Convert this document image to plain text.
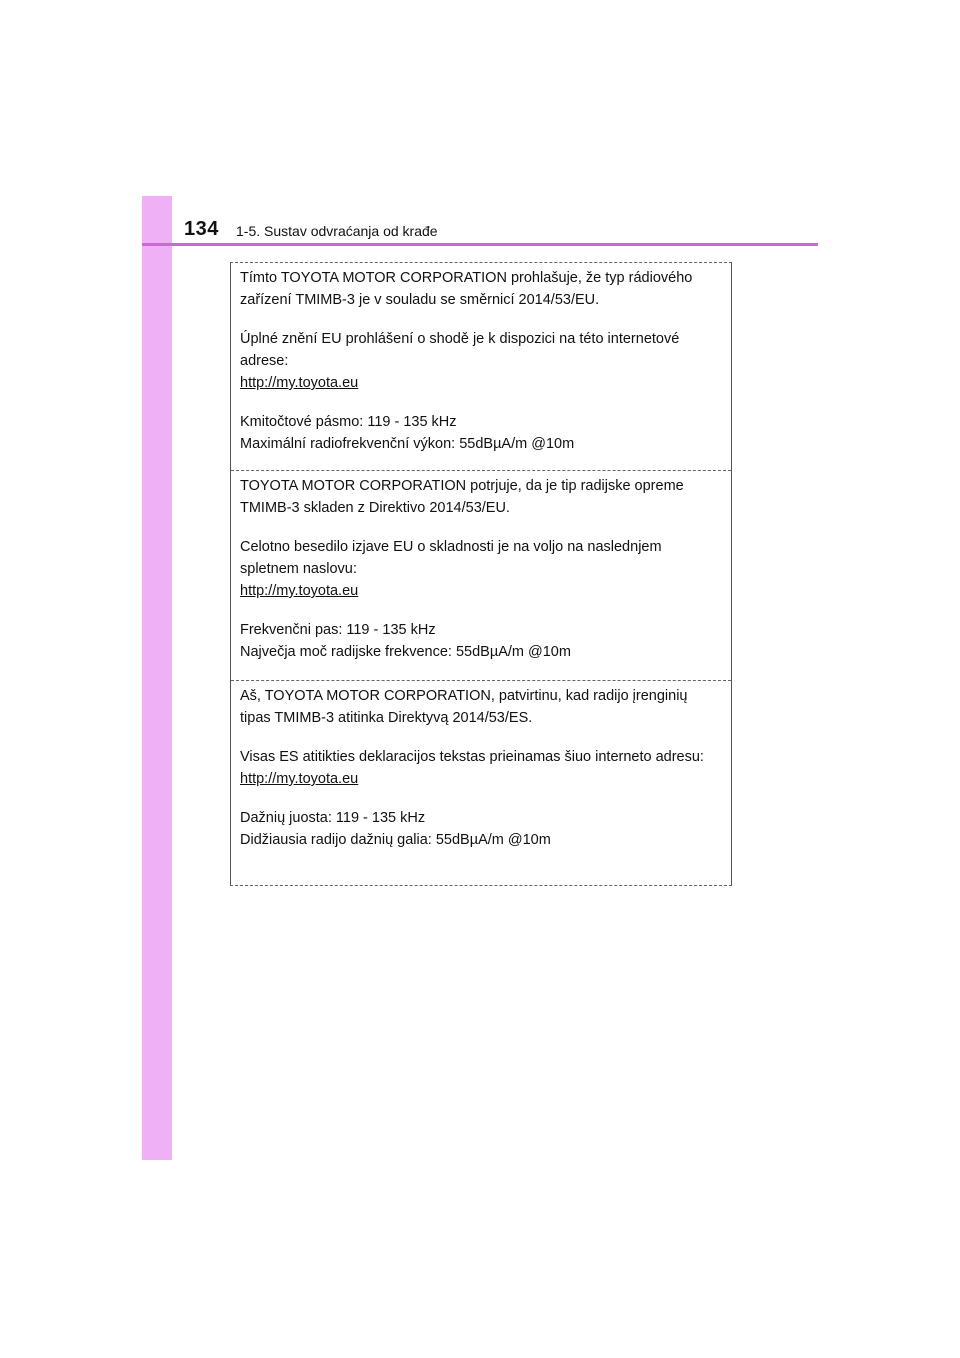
134 1-5. Sustav odvraćanja od krađe

Tímto TOYOTA MOTOR CORPORATION prohlašuje, že typ rádiového zařízení TMIMB-3 je v souladu se směrnicí 2014/53/EU.

Úplné znění EU prohlášení o shodě je k dispozici na této internetové adrese:

http://my.toyota.eu

Kmitočtové pásmo: 119 - 135 kHz
Maximální radiofrekvenční výkon: 55dBµA/m @10m

TOYOTA MOTOR CORPORATION potrjuje, da je tip radijske opreme TMIMB-3 skladen z Direktivo 2014/53/EU.

Celotno besedilo izjave EU o skladnosti je na voljo na naslednjem spletnem naslovu:

http://my.toyota.eu

Frekvenčni pas: 119 - 135 kHz
Največja moč radijske frekvence: 55dBµA/m @10m

Aš, TOYOTA MOTOR CORPORATION, patvirtinu, kad radijo įrenginių tipas TMIMB-3 atitinka Direktyvą 2014/53/ES.

Visas ES atitikties deklaracijos tekstas prieinamas šiuo interneto adresu:

http://my.toyota.eu

Dažnių juosta: 119 - 135 kHz
Didžiausia radijo dažnių galia: 55dBµA/m @10m
